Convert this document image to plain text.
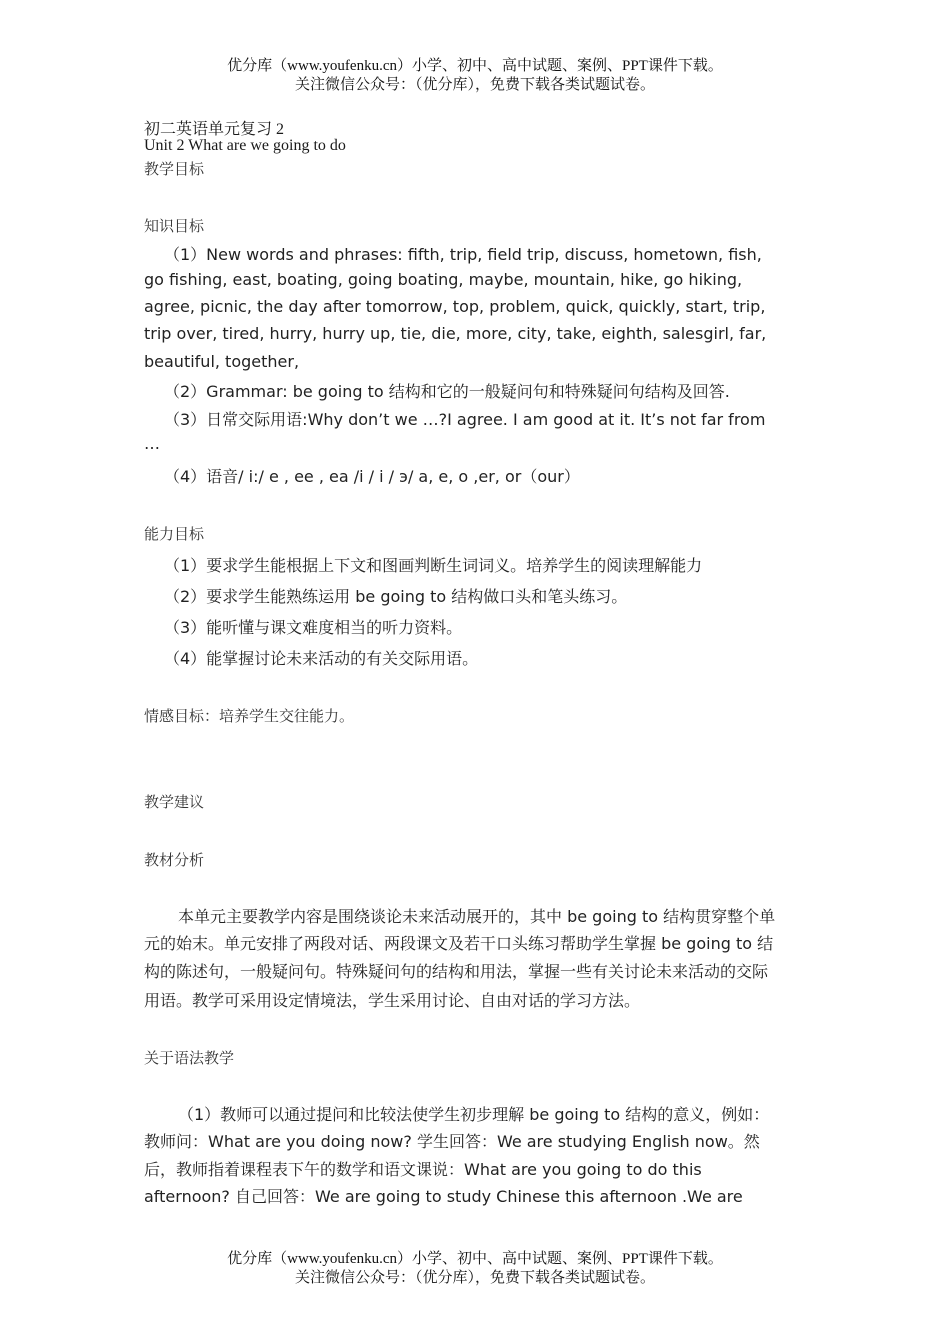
优分库（www.youfenku.cn）小学、初中、高中试题、案例、PPT课件下载。
关注微信公众号：（优分库），免费下载各类试题试卷。
初二英语单元复习 2
Unit 2 What are we going to do
教学目标
知识目标
（1）New words and phrases: fifth, trip, field trip, discuss, hometown, fish,
go fishing, east, boating, going boating, maybe, mountain, hike, go hiking,
agree, picnic, the day after tomorrow, top, problem, quick, quickly, start, trip,
trip over, tired, hurry, hurry up, tie, die, more, city, take, eighth, salesgirl, far,
beautiful, together,
（2）Grammar: be going to 结构和它的一般疑问句和特殊疑问句结构及回答.
（3）日常交际用语:Why don’t we …?I agree. I am good at it. It’s not far from
…
（4）语音/ i:/ e , ee , ea /i / i / э/ a, e, o ,er, or（our）
能力目标
（1）要求学生能根据上下文和图画判断生词词义。培养学生的阅读理解能力
（2）要求学生能熟练运用 be going to 结构做口头和笔头练习。
（3）能听懂与课文难度相当的听力资料。
（4）能掌握讨论未来活动的有关交际用语。
情感目标：培养学生交往能力。
教学建议
教材分析
本单元主要教学内容是围绕谈论未来活动展开的，其中 be going to 结构贯穿整个单
元的始末。单元安排了两段对话、两段课文及若干口头练习帮助学生掌握 be going to 结
构的陈述句，一般疑问句。特殊疑问句的结构和用法，掌握一些有关讨论未来活动的交际
用语。教学可采用设定情境法，学生采用讨论、自由对话的学习方法。
关于语法教学
（1）教师可以通过提问和比较法使学生初步理解 be going to 结构的意义，例如：
教师问：What are you doing now? 学生回答：We are studying English now。然
后，教师指着课程表下午的数学和语文课说：What are you going to do this
afternoon? 自己回答：We are going to study Chinese this afternoon .We are
优分库（www.youfenku.cn）小学、初中、高中试题、案例、PPT课件下载。
关注微信公众号：（优分库），免费下载各类试题试卷。
